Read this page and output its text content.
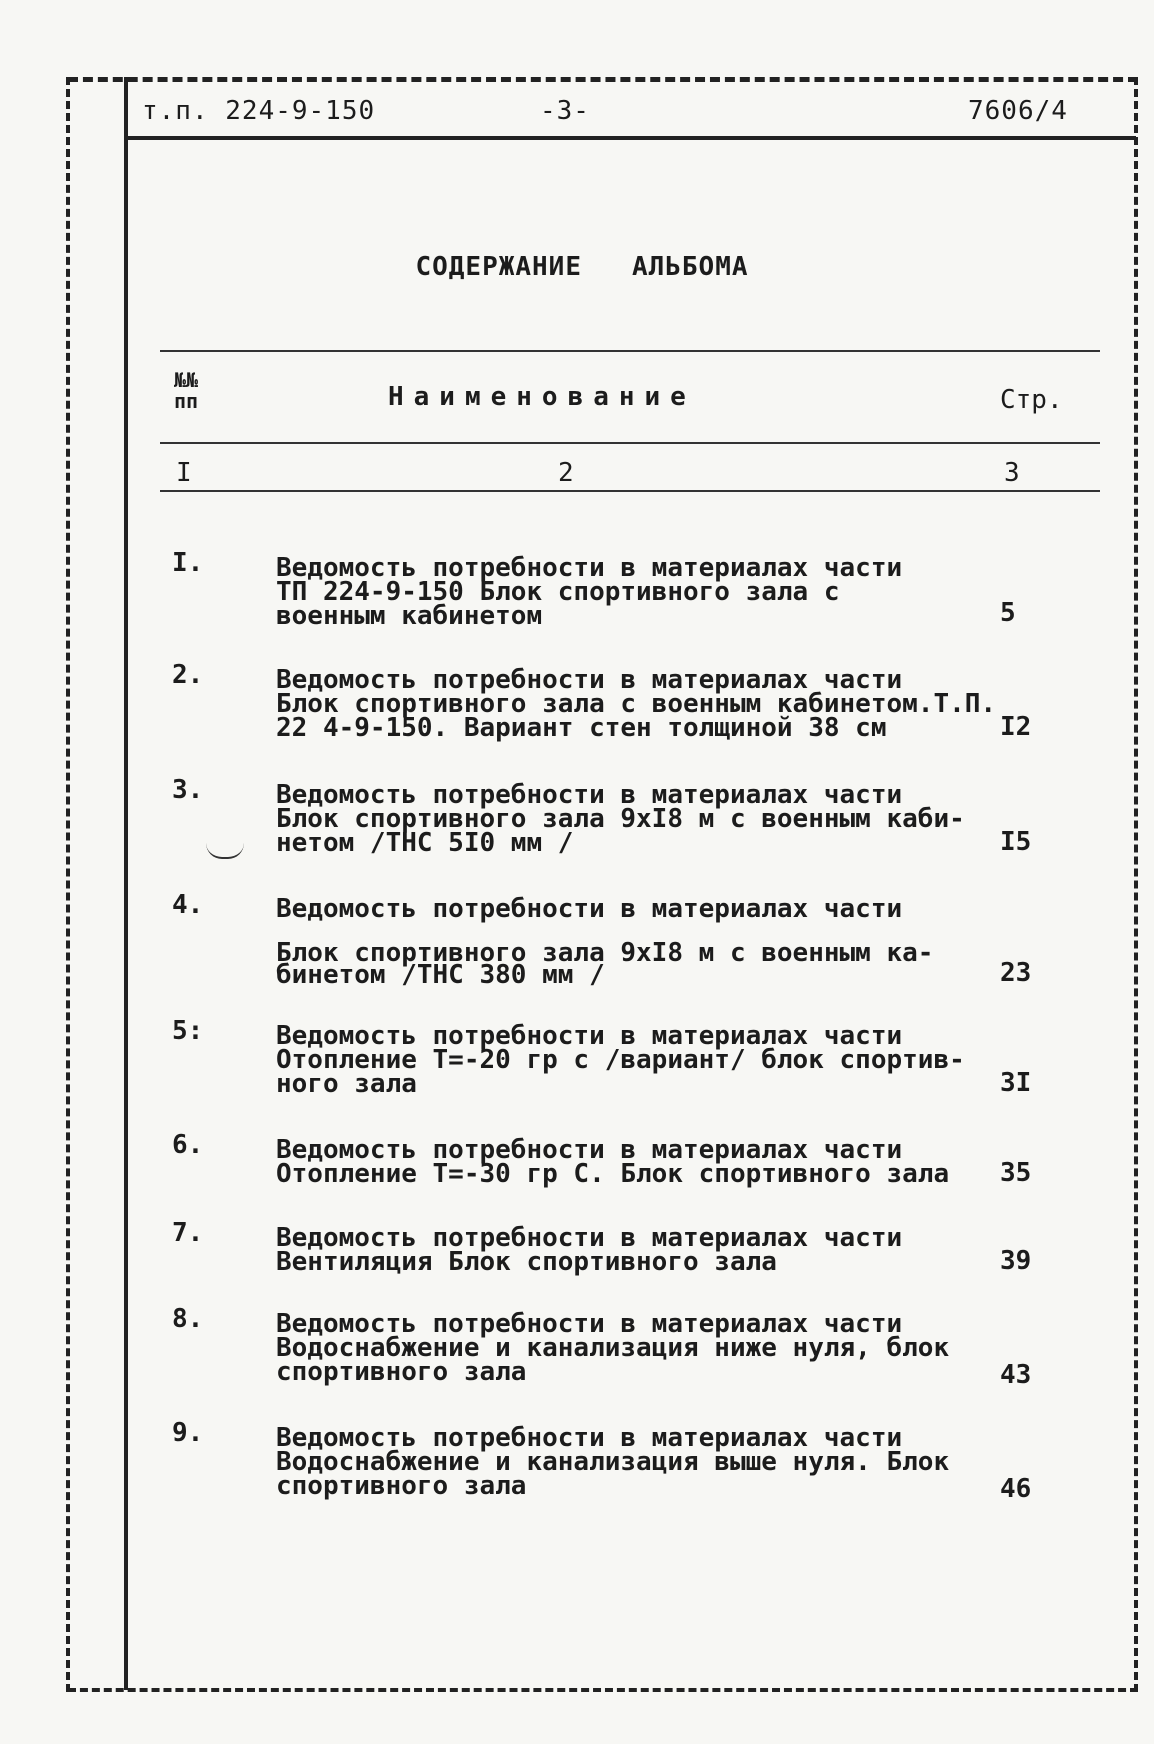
т.п. 224-9-150	-3-	7606/4
СОДЕРЖАНИЕ   АЛЬБОМА
№№ пп	Наименование	Стр.
I	2	3
I.	Ведомость потребности в материалах части
ТП 224-9-150 Блок спортивного зала с
военным кабинетом	5
2.	Ведомость потребности в материалах части
Блок спортивного зала с военным кабинетом.Т.П.
22 4-9-150. Вариант стен толщиной 38 см	I2
3.	Ведомость потребности в материалах части
Блок спортивного зала 9хI8 м с военным каби-
нетом /ТНС 5I0 мм /	I5
4.	Ведомость потребности в материалах части

Блок спортивного зала 9хI8 м с военным ка-
бинетом /ТНС 380 мм /	23
5:	Ведомость потребности в материалах части
Отопление Т=-20 гр с /вариант/ блок спортив-
ного зала	3I
6.	Ведомость потребности в материалах части
Отопление Т=-30 гр С. Блок спортивного зала	35
7.	Ведомость потребности в материалах части
Вентиляция Блок спортивного зала	39
8.	Ведомость потребности в материалах части
Водоснабжение и канализация ниже нуля, блок
спортивного зала	43
9.	Ведомость потребности в материалах части
Водоснабжение и канализация выше нуля. Блок
спортивного зала	46
